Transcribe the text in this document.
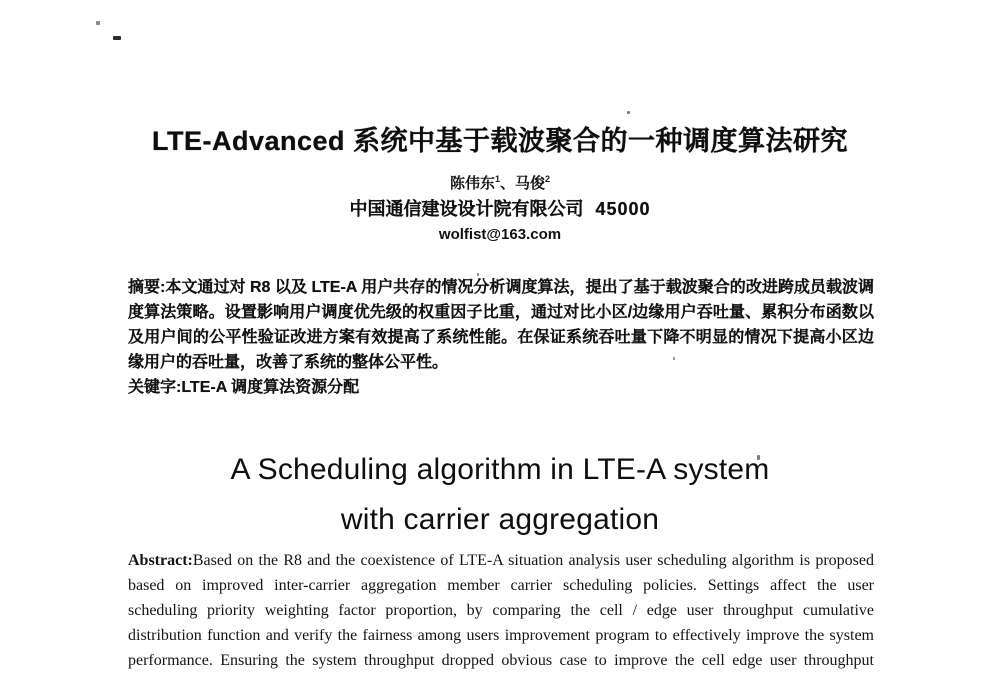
LTE-Advanced 系统中基于载波聚合的一种调度算法研究
陈伟东$^1$、马俊$^2$
中国通信建设设计院有限公司 45000
wolfist@163.com
摘要:本文通过对 R8 以及 LTE-A 用户共存的情况分析调度算法，提出了基于载波聚合的改进跨成员载波调
度算法策略。设置影响用户调度优先级的权重因子比重，通过对比小区/边缘用户吞吐量、累积分布函数以
及用户间的公平性验证改进方案有效提高了系统性能。在保证系统吞吐量下降不明显的情况下提高小区边
缘用户的吞吐量，改善了系统的整体公平性。
关键字:LTE-A 调度算法资源分配
A Scheduling algorithm in LTE-A system
with carrier aggregation
Abstract:Based on the R8 and the coexistence of LTE-A situation analysis user scheduling algorithm is proposed
based on improved inter-carrier aggregation member carrier scheduling policies. Settings affect the user
scheduling priority weighting factor proportion, by comparing the cell / edge user throughput cumulative
distribution function and verify the fairness among users improvement program to effectively improve the system
performance. Ensuring the system throughput dropped obvious case to improve the cell edge user throughput
